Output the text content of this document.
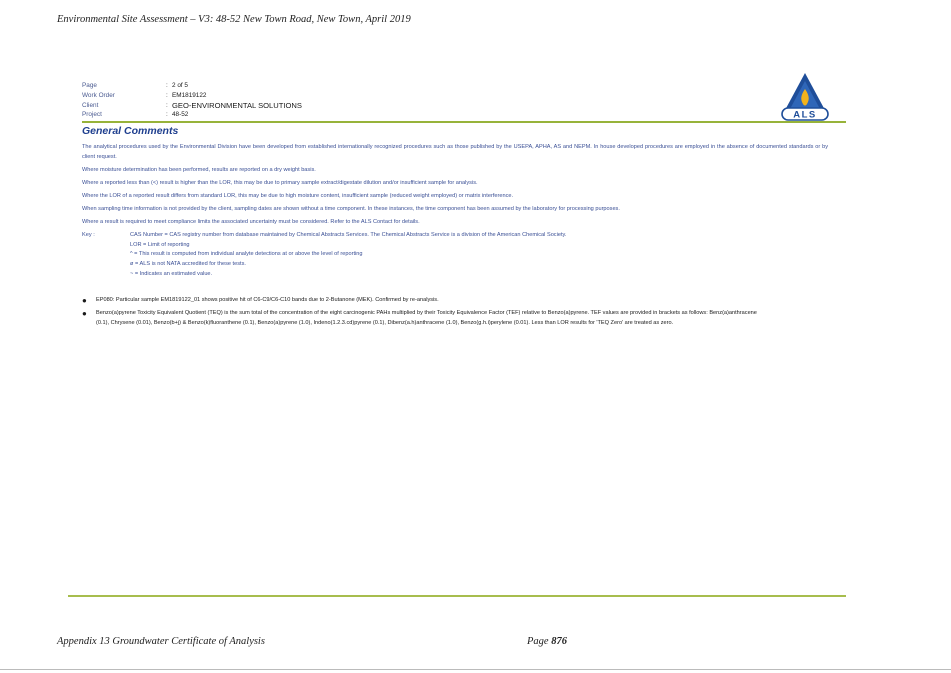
Environmental Site Assessment – V3: 48-52 New Town Road, New Town, April 2019
Page	: 2 of 5
Work Order	: EM1819122
Client	: GEO-ENVIRONMENTAL SOLUTIONS
Project	: 48-52	ALS
General Comments

The analytical procedures used by the Environmental Division have been developed from established internationally recognized procedures such as those published by the USEPA, APHA, AS and NEPM. In house developed procedures are employed in the absence of documented standards or by client request.

Where moisture determination has been performed, results are reported on a dry weight basis.

Where a reported less than (<) result is higher than the LOR, this may be due to primary sample extract/digestate dilution and/or insufficient sample for analysis.

Where the LOR of a reported result differs from standard LOR, this may be due to high moisture content, insufficient sample (reduced weight employed) or matrix interference.

When sampling time information is not provided by the client, sampling dates are shown without a time component. In these instances, the time component has been assumed by the laboratory for processing purposes.

Where a result is required to meet compliance limits the associated uncertainty must be considered. Refer to the ALS Contact for details.

Key :	CAS Number = CAS registry number from database maintained by Chemical Abstracts Services. The Chemical Abstracts Service is a division of the American Chemical Society.
LOR = Limit of reporting
^ = This result is computed from individual analyte detections at or above the level of reporting
ø = ALS is not NATA accredited for these tests.
~ = Indicates an estimated value.
●	EP080: Particular sample EM1819122_01 shows positive hit of C6-C9/C6-C10 bands due to 2-Butanone (MEK). Confirmed by re-analysis.
●	Benzo(a)pyrene Toxicity Equivalent Quotient (TEQ) is the sum total of the concentration of the eight carcinogenic PAHs multiplied by their Toxicity Equivalence Factor (TEF) relative to Benzo(a)pyrene. TEF values are provided in brackets as follows: Benz(a)anthracene (0.1), Chrysene (0.01), Benzo(b+j) & Benzo(k)fluoranthene (0.1), Benzo(a)pyrene (1.0), Indeno(1.2.3.cd)pyrene (0.1), Dibenz(a.h)anthracene (1.0), Benzo(g.h.i)perylene (0.01). Less than LOR results for 'TEQ Zero' are treated as zero.
Appendix 13 Groundwater Certificate of Analysis	Page 876
